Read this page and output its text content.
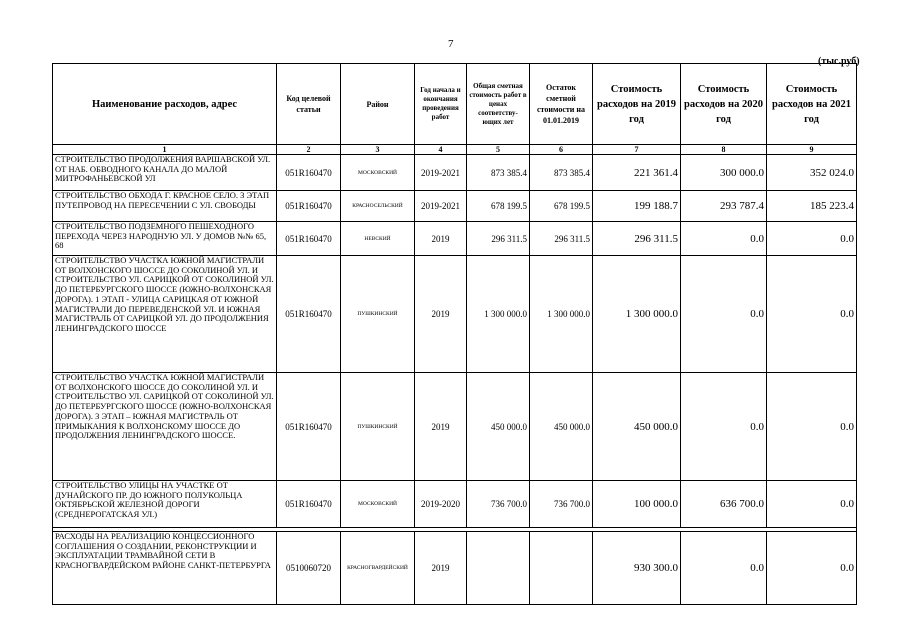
7
(тыс.руб)
Наименование расходов, адрес	Код целевой статьи	Район	Год начала и окончания проведения работ	Общая сметная стоимость работ в ценах соответству-ющих лет	Остаток сметной стоимости на 01.01.2019	Стоимость расходов на 2019 год	Стоимость расходов на 2020 год	Стоимость расходов на 2021 год
1	2	3	4	5	6	7	8	9
СТРОИТЕЛЬСТВО ПРОДОЛЖЕНИЯ ВАРШАВСКОЙ УЛ. ОТ НАБ. ОБВОДНОГО КАНАЛА ДО МАЛОЙ МИТРОФАНЬЕВСКОЙ УЛ	051R160470	МОСКОВСКИЙ	2019-2021	873 385.4	873 385.4	221 361.4	300 000.0	352 024.0
СТРОИТЕЛЬСТВО ОБХОДА Г. КРАСНОЕ СЕЛО. 3 ЭТАП ПУТЕПРОВОД НА ПЕРЕСЕЧЕНИИ С УЛ. СВОБОДЫ	051R160470	КРАСНОСЕЛЬСКИЙ	2019-2021	678 199.5	678 199.5	199 188.7	293 787.4	185 223.4
СТРОИТЕЛЬСТВО ПОДЗЕМНОГО ПЕШЕХОДНОГО ПЕРЕХОДА ЧЕРЕЗ НАРОДНУЮ УЛ. У ДОМОВ №№ 65, 68	051R160470	НЕВСКИЙ	2019	296 311.5	296 311.5	296 311.5	0.0	0.0
СТРОИТЕЛЬСТВО УЧАСТКА ЮЖНОЙ МАГИСТРАЛИ ОТ ВОЛХОНСКОГО ШОССЕ ДО СОКОЛИНОЙ УЛ. И СТРОИТЕЛЬСТВО УЛ. САРИЦКОЙ ОТ СОКОЛИНОЙ УЛ. ДО ПЕТЕРБУРГСКОГО ШОССЕ (ЮЖНО-ВОЛХОНСКАЯ ДОРОГА). 1 ЭТАП - УЛИЦА САРИЦКАЯ ОТ ЮЖНОЙ МАГИСТРАЛИ ДО ПЕРЕВЕДЕНСКОЙ УЛ. И ЮЖНАЯ МАГИСТРАЛЬ ОТ САРИЦКОЙ УЛ. ДО ПРОДОЛЖЕНИЯ ЛЕНИНГРАДСКОГО ШОССЕ	051R160470	ПУШКИНСКИЙ	2019	1 300 000.0	1 300 000.0	1 300 000.0	0.0	0.0
СТРОИТЕЛЬСТВО УЧАСТКА ЮЖНОЙ МАГИСТРАЛИ ОТ ВОЛХОНСКОГО ШОССЕ ДО СОКОЛИНОЙ УЛ. И СТРОИТЕЛЬСТВО УЛ. САРИЦКОЙ ОТ СОКОЛИНОЙ УЛ. ДО ПЕТЕРБУРГСКОГО ШОССЕ (ЮЖНО-ВОЛХОНСКАЯ ДОРОГА). 3 ЭТАП – ЮЖНАЯ МАГИСТРАЛЬ ОТ ПРИМЫКАНИЯ К ВОЛХОНСКОМУ ШОССЕ ДО ПРОДОЛЖЕНИЯ ЛЕНИНГРАДСКОГО ШОССЕ.	051R160470	ПУШКИНСКИЙ	2019	450 000.0	450 000.0	450 000.0	0.0	0.0
СТРОИТЕЛЬСТВО УЛИЦЫ НА УЧАСТКЕ ОТ ДУНАЙСКОГО ПР. ДО ЮЖНОГО ПОЛУКОЛЬЦА ОКТЯБРЬСКОЙ ЖЕЛЕЗНОЙ ДОРОГИ (СРЕДНЕРОГАТСКАЯ УЛ.)	051R160470	МОСКОВСКИЙ	2019-2020	736 700.0	736 700.0	100 000.0	636 700.0	0.0

РАСХОДЫ НА РЕАЛИЗАЦИЮ КОНЦЕССИОННОГО СОГЛАШЕНИЯ О СОЗДАНИИ, РЕКОНСТРУКЦИИ И ЭКСПЛУАТАЦИИ ТРАМВАЙНОЙ СЕТИ В КРАСНОГВАРДЕЙСКОМ РАЙОНЕ САНКТ-ПЕТЕРБУРГА	0510060720	КРАСНОГВАРДЕЙСКИЙ	2019			930 300.0	0.0	0.0
